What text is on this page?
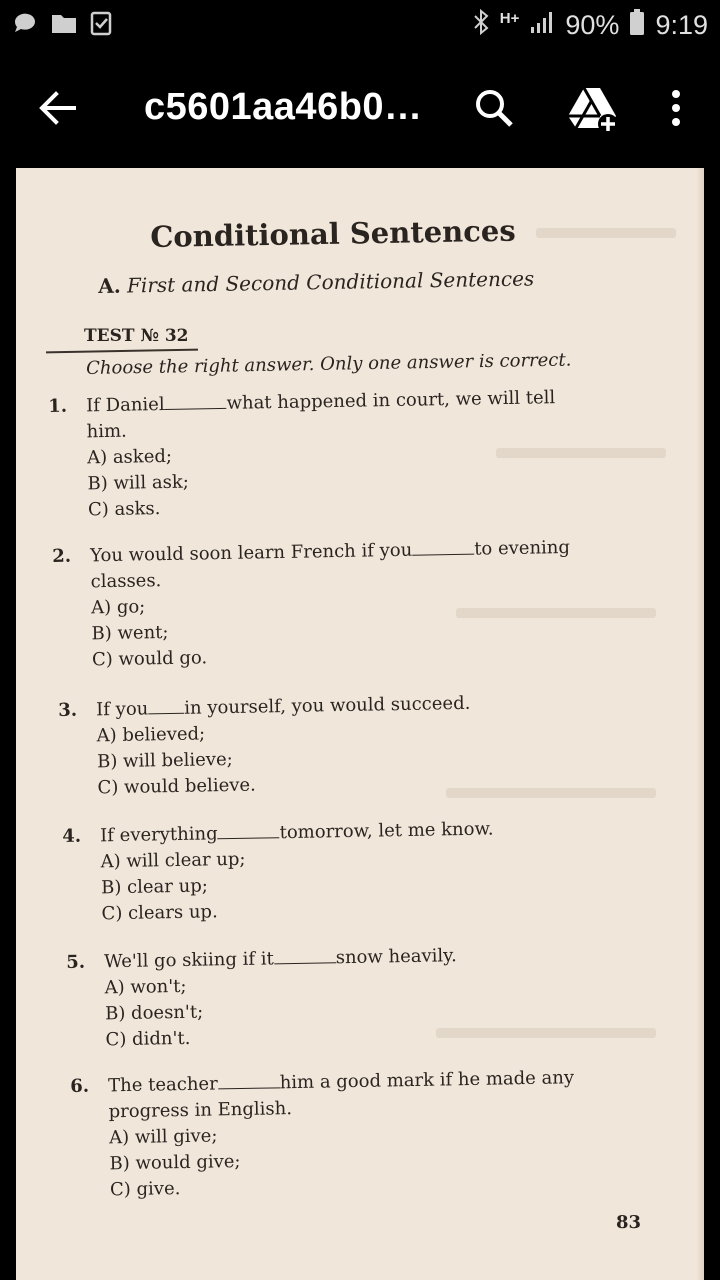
H+ 90% 9:19
c5601aa46b0…
Conditional Sentences
A. First and Second Conditional Sentences
TEST № 32
Choose the right answer. Only one answer is correct.
1. If Daniel	what happened in court, we will tell
him.
A) asked;
B) will ask;
C) asks.
2. You would soon learn French if you	to evening
classes.
A) go;
B) went;
C) would go.
3. If you in yourself, you would succeed.
A) believed;
B) will believe;
C) would believe.
4. If everything	tomorrow, let me know.
A) will clear up;
B) clear up;
C) clears up.
5. We'll go skiing if it	snow heavily.
A) won't;
B) doesn't;
C) didn't.
6. The teacher	him a good mark if he made any
progress in English.
A) will give;
B) would give;
C) give.
83
